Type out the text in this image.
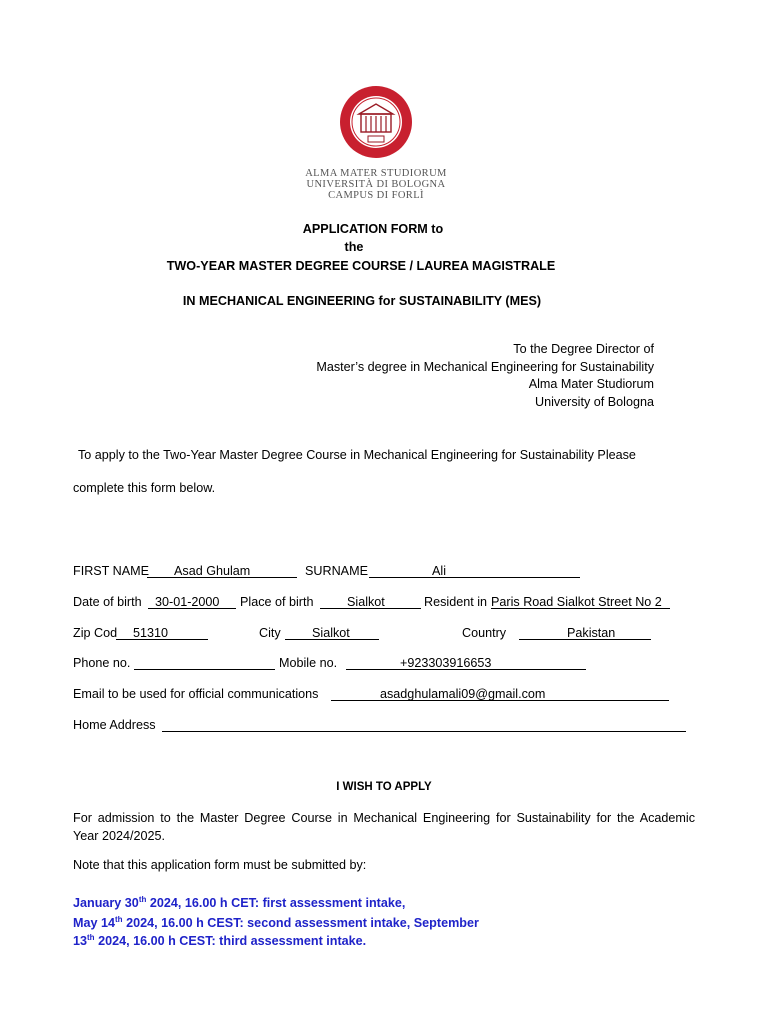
ALMA MATER STUDIORUM
UNIVERSITÀ DI BOLOGNA
CAMPUS DI FORLÌ
APPLICATION FORM to
the
TWO-YEAR MASTER DEGREE COURSE / LAUREA MAGISTRALE
IN MECHANICAL ENGINEERING for SUSTAINABILITY (MES)
To the Degree Director of
Master’s degree in Mechanical Engineering for Sustainability
Alma Mater Studiorum
University of Bologna
To apply to the Two-Year Master Degree Course in Mechanical Engineering for Sustainability Please
complete this form below.
FIRST NAME Asad Ghulam	SURNAME	Ali
Date of birth 30-01-2000 Place of birth	Sialkot	Resident in Paris Road Sialkot Street No 2
Zip Cod 51310	City Sialkot	Country	Pakistan
Phone no.	Mobile no.	+923303916653
Email to be used for official communications	asadghulamali09@gmail.com
Home Address
I WISH TO APPLY
For admission to the Master Degree Course in Mechanical Engineering for Sustainability for the Academic
Year 2024/2025.
Note that this application form must be submitted by:
January 30th 2024, 16.00 h CET: first assessment intake,
May 14th 2024, 16.00 h CEST: second assessment intake, September
13th 2024, 16.00 h CEST: third assessment intake.
